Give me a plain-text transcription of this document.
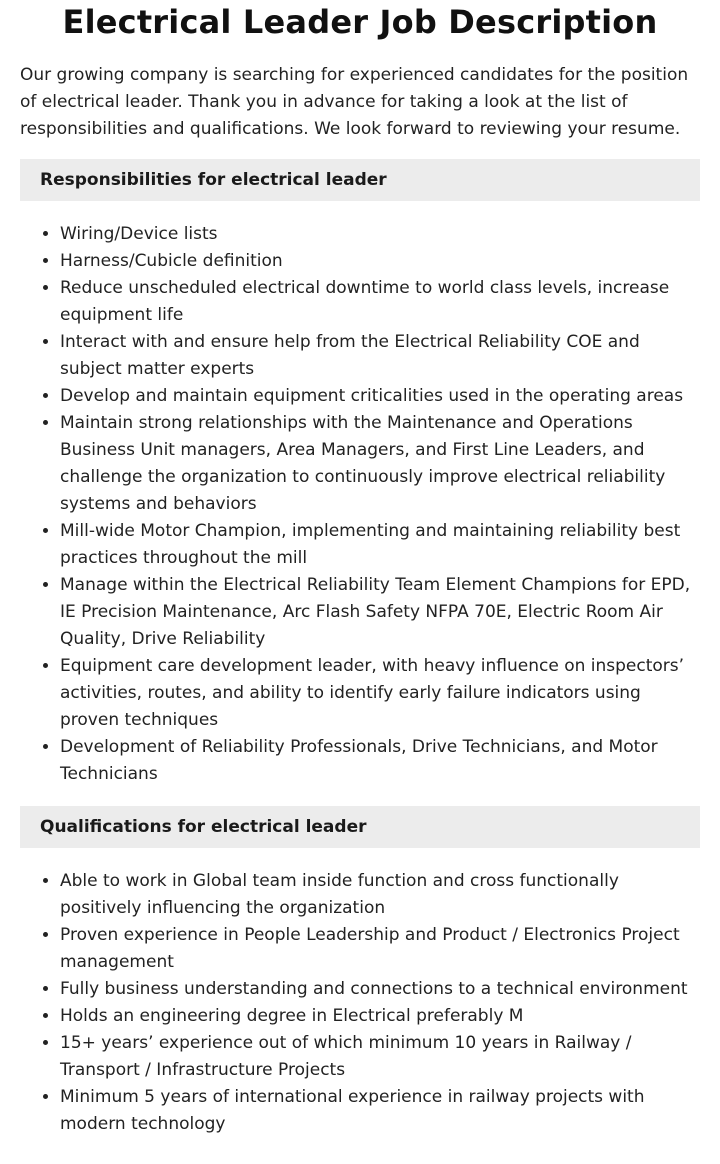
Electrical Leader Job Description

Our growing company is searching for experienced candidates for the position of electrical leader. Thank you in advance for taking a look at the list of responsibilities and qualifications. We look forward to reviewing your resume.

Responsibilities for electrical leader
• Wiring/Device lists
• Harness/Cubicle definition
• Reduce unscheduled electrical downtime to world class levels, increase equipment life
• Interact with and ensure help from the Electrical Reliability COE and subject matter experts
• Develop and maintain equipment criticalities used in the operating areas
• Maintain strong relationships with the Maintenance and Operations Business Unit managers, Area Managers, and First Line Leaders, and challenge the organization to continuously improve electrical reliability systems and behaviors
• Mill-wide Motor Champion, implementing and maintaining reliability best practices throughout the mill
• Manage within the Electrical Reliability Team Element Champions for EPD, IE Precision Maintenance, Arc Flash Safety NFPA 70E, Electric Room Air Quality, Drive Reliability
• Equipment care development leader, with heavy influence on inspectors’ activities, routes, and ability to identify early failure indicators using proven techniques
• Development of Reliability Professionals, Drive Technicians, and Motor Technicians
Qualifications for electrical leader
• Able to work in Global team inside function and cross functionally positively influencing the organization
• Proven experience in People Leadership and Product / Electronics Project management
• Fully business understanding and connections to a technical environment
• Holds an engineering degree in Electrical preferably M
• 15+ years’ experience out of which minimum 10 years in Railway / Transport / Infrastructure Projects
• Minimum 5 years of international experience in railway projects with modern technology
